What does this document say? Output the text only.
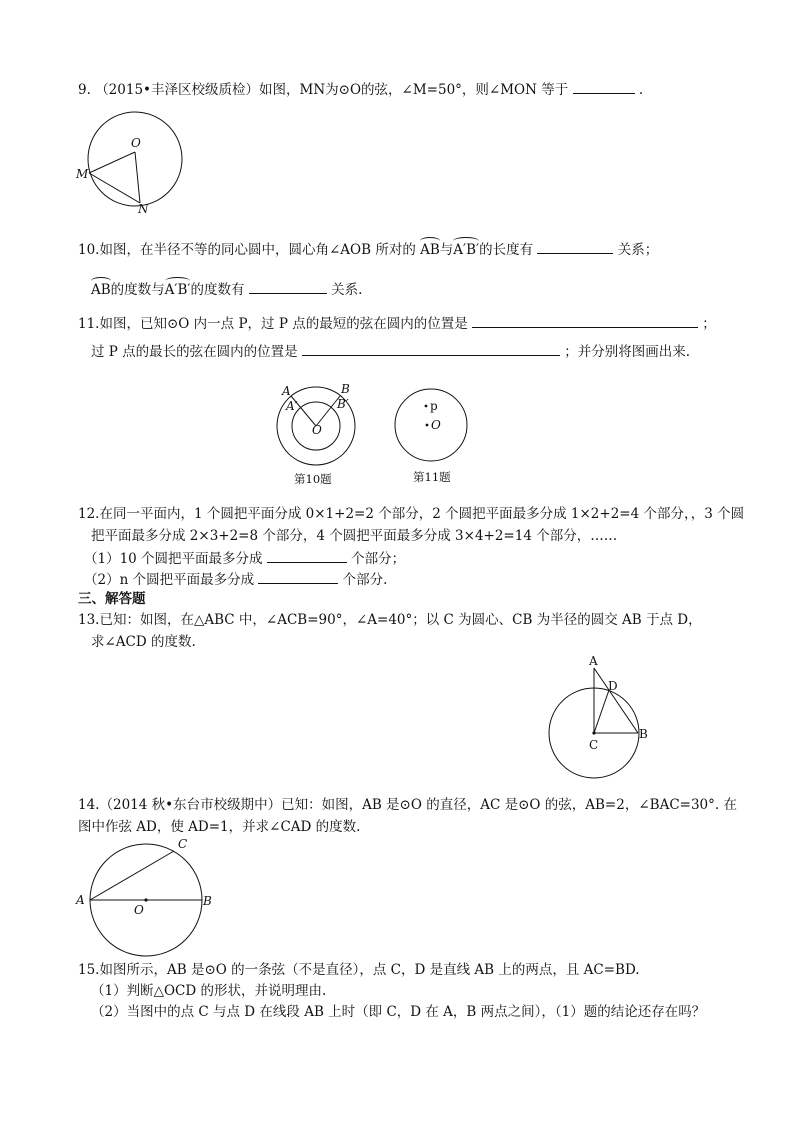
9. （2015•丰泽区校级质检）如图，MN为⊙O的弦，∠M=50°，则∠MON 等于	.
O
M
N
10.如图，在半径不等的同心圆中，圆心角∠AOB 所对的 AB与A′B′的长度有	关系；
AB的度数与A′B′的度数有	关系.
11.如图，已知⊙O 内一点 P，过 P 点的最短的弦在圆内的位置是	；
过 P 点的最长的弦在圆内的位置是	；并分别将图画出来.
A	B
A′	B′
O
第10题
p
O
第11题
12.在同一平面内，1 个圆把平面分成 0×1+2=2 个部分，2 个圆把平面最多分成 1×2+2=4 个部分，，3 个圆
把平面最多分成 2×3+2=8 个部分，4 个圆把平面最多分成 3×4+2=14 个部分，……
（1）10 个圆把平面最多分成	个部分；
（2）n 个圆把平面最多分成	个部分.
三、解答题
13.已知：如图，在△ABC 中，∠ACB=90°，∠A=40°；以 C 为圆心、CB 为半径的圆交 AB 于点 D，
求∠ACD 的度数.
A
D
B
C
14.（2014 秋•东台市校级期中）已知：如图，AB 是⊙O 的直径，AC 是⊙O 的弦，AB=2，∠BAC=30°. 在
图中作弦 AD，使 AD=1，并求∠CAD 的度数.
A	B
C
O
15.如图所示，AB 是⊙O 的一条弦（不是直径），点 C，D 是直线 AB 上的两点，且 AC=BD.
（1）判断△OCD 的形状，并说明理由.
（2）当图中的点 C 与点 D 在线段 AB 上时（即 C，D 在 A，B 两点之间），（1）题的结论还存在吗？
